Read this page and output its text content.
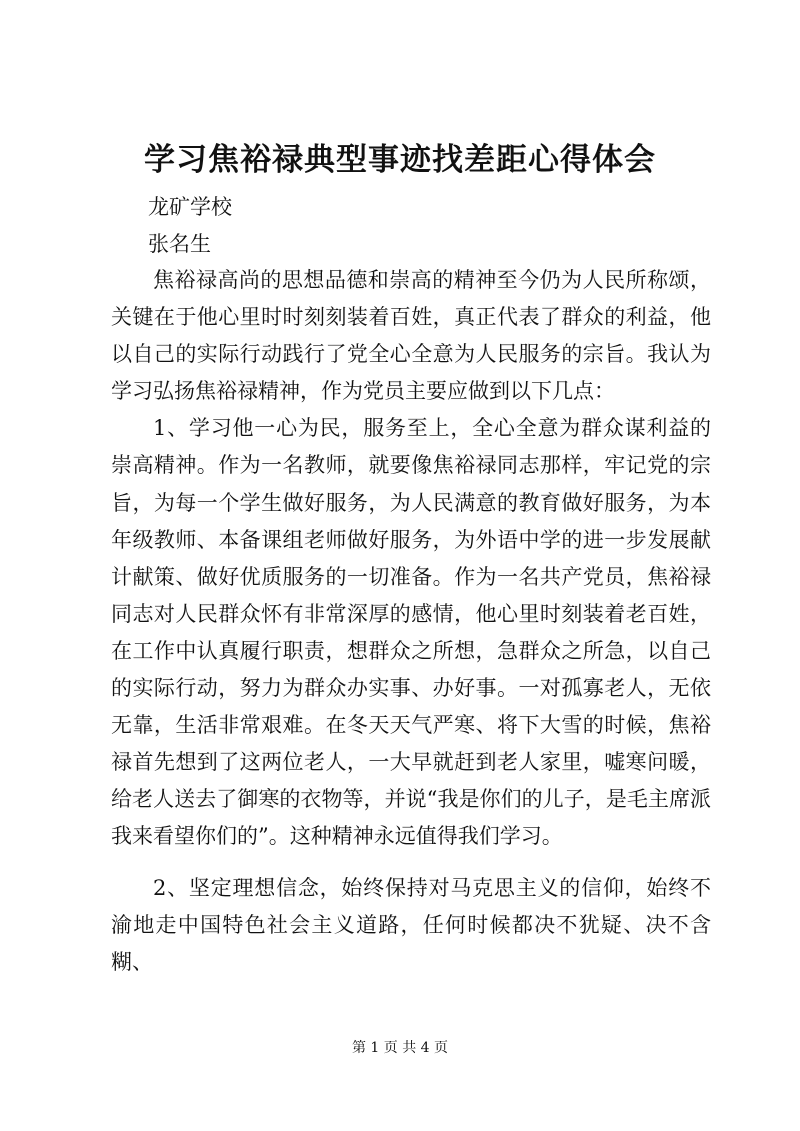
学习焦裕禄典型事迹找差距心得体会

龙矿学校

张名生

焦裕禄高尚的思想品德和崇高的精神至今仍为人民所称颂，关键在于他心里时时刻刻装着百姓，真正代表了群众的利益，他以自己的实际行动践行了党全心全意为人民服务的宗旨。我认为学习弘扬焦裕禄精神，作为党员主要应做到以下几点：

1、学习他一心为民，服务至上，全心全意为群众谋利益的崇高精神。作为一名教师，就要像焦裕禄同志那样，牢记党的宗旨，为每一个学生做好服务，为人民满意的教育做好服务，为本年级教师、本备课组老师做好服务，为外语中学的进一步发展献计献策、做好优质服务的一切准备。作为一名共产党员，焦裕禄同志对人民群众怀有非常深厚的感情，他心里时刻装着老百姓，在工作中认真履行职责，想群众之所想，急群众之所急，以自己的实际行动，努力为群众办实事、办好事。一对孤寡老人，无依无靠，生活非常艰难。在冬天天气严寒、将下大雪的时候，焦裕禄首先想到了这两位老人，一大早就赶到老人家里，嘘寒问暖，给老人送去了御寒的衣物等，并说“我是你们的儿子，是毛主席派我来看望你们的”。这种精神永远值得我们学习。

2、坚定理想信念，始终保持对马克思主义的信仰，始终不渝地走中国特色社会主义道路，任何时候都决不犹疑、决不含糊、

第 1 页 共 4 页
